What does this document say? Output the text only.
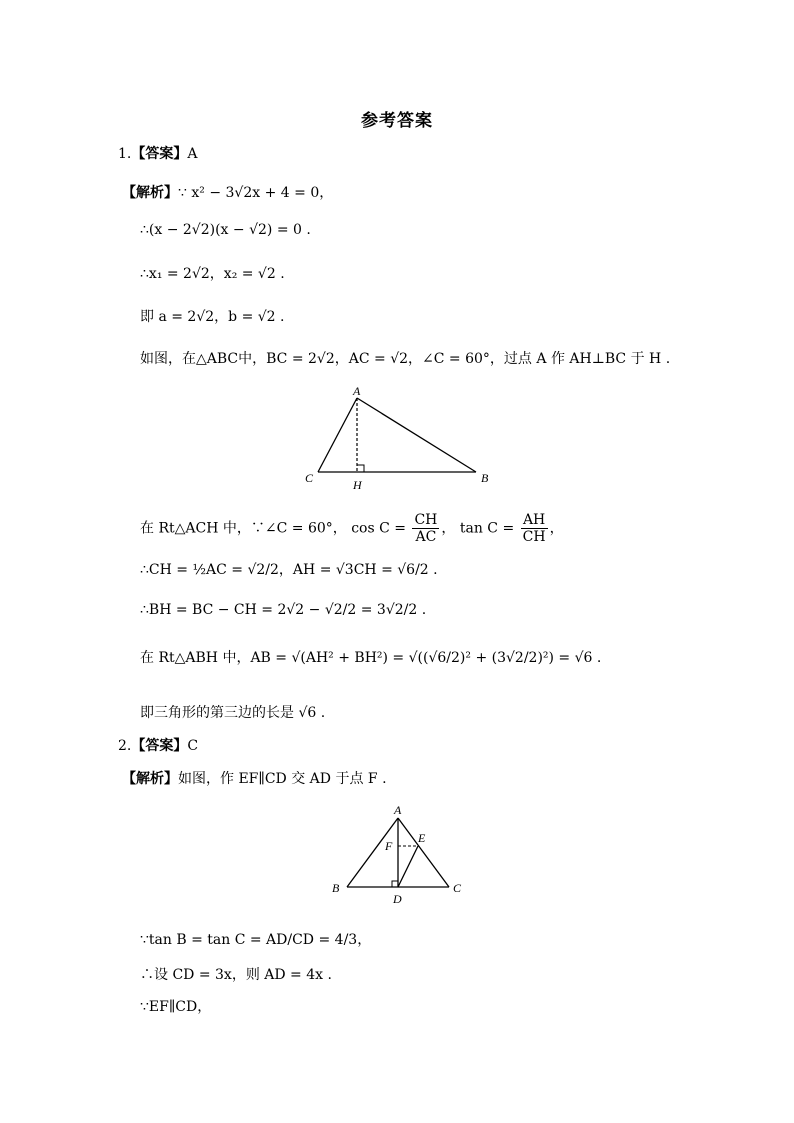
参考答案
1.【答案】A
【解析】∵ x² − 3√2x + 4 = 0，
∴(x − 2√2)(x − √2) = 0 .
∴x₁ = 2√2，x₂ = √2 .
即 a = 2√2，b = √2 .
如图，在△ABC中，BC = 2√2，AC = √2，∠C = 60°，过点 A 作 AH⊥BC 于 H .
A
C	B
H
在 Rt△ACH 中，∵∠C = 60°， $\cos C = \frac{CH}{AC}$ ， $\tan C = \frac{AH}{CH}$ ，
∴CH = ½AC = √2/2，AH = √3CH = √6/2 .
∴BH = BC − CH = 2√2 − √2/2 = 3√2/2 .
在 Rt△ABH 中，AB = √(AH² + BH²) = √((√6/2)² + (3√2/2)²) = √6 .
即三角形的第三边的长是 √6 .
2.【答案】C
【解析】如图，作 EF∥CD 交 AD 于点 F .
A
B	C
D
E
F
∵tan B = tan C = AD/CD = 4/3，
∴设 CD = 3x，则 AD = 4x .
∵EF∥CD，
